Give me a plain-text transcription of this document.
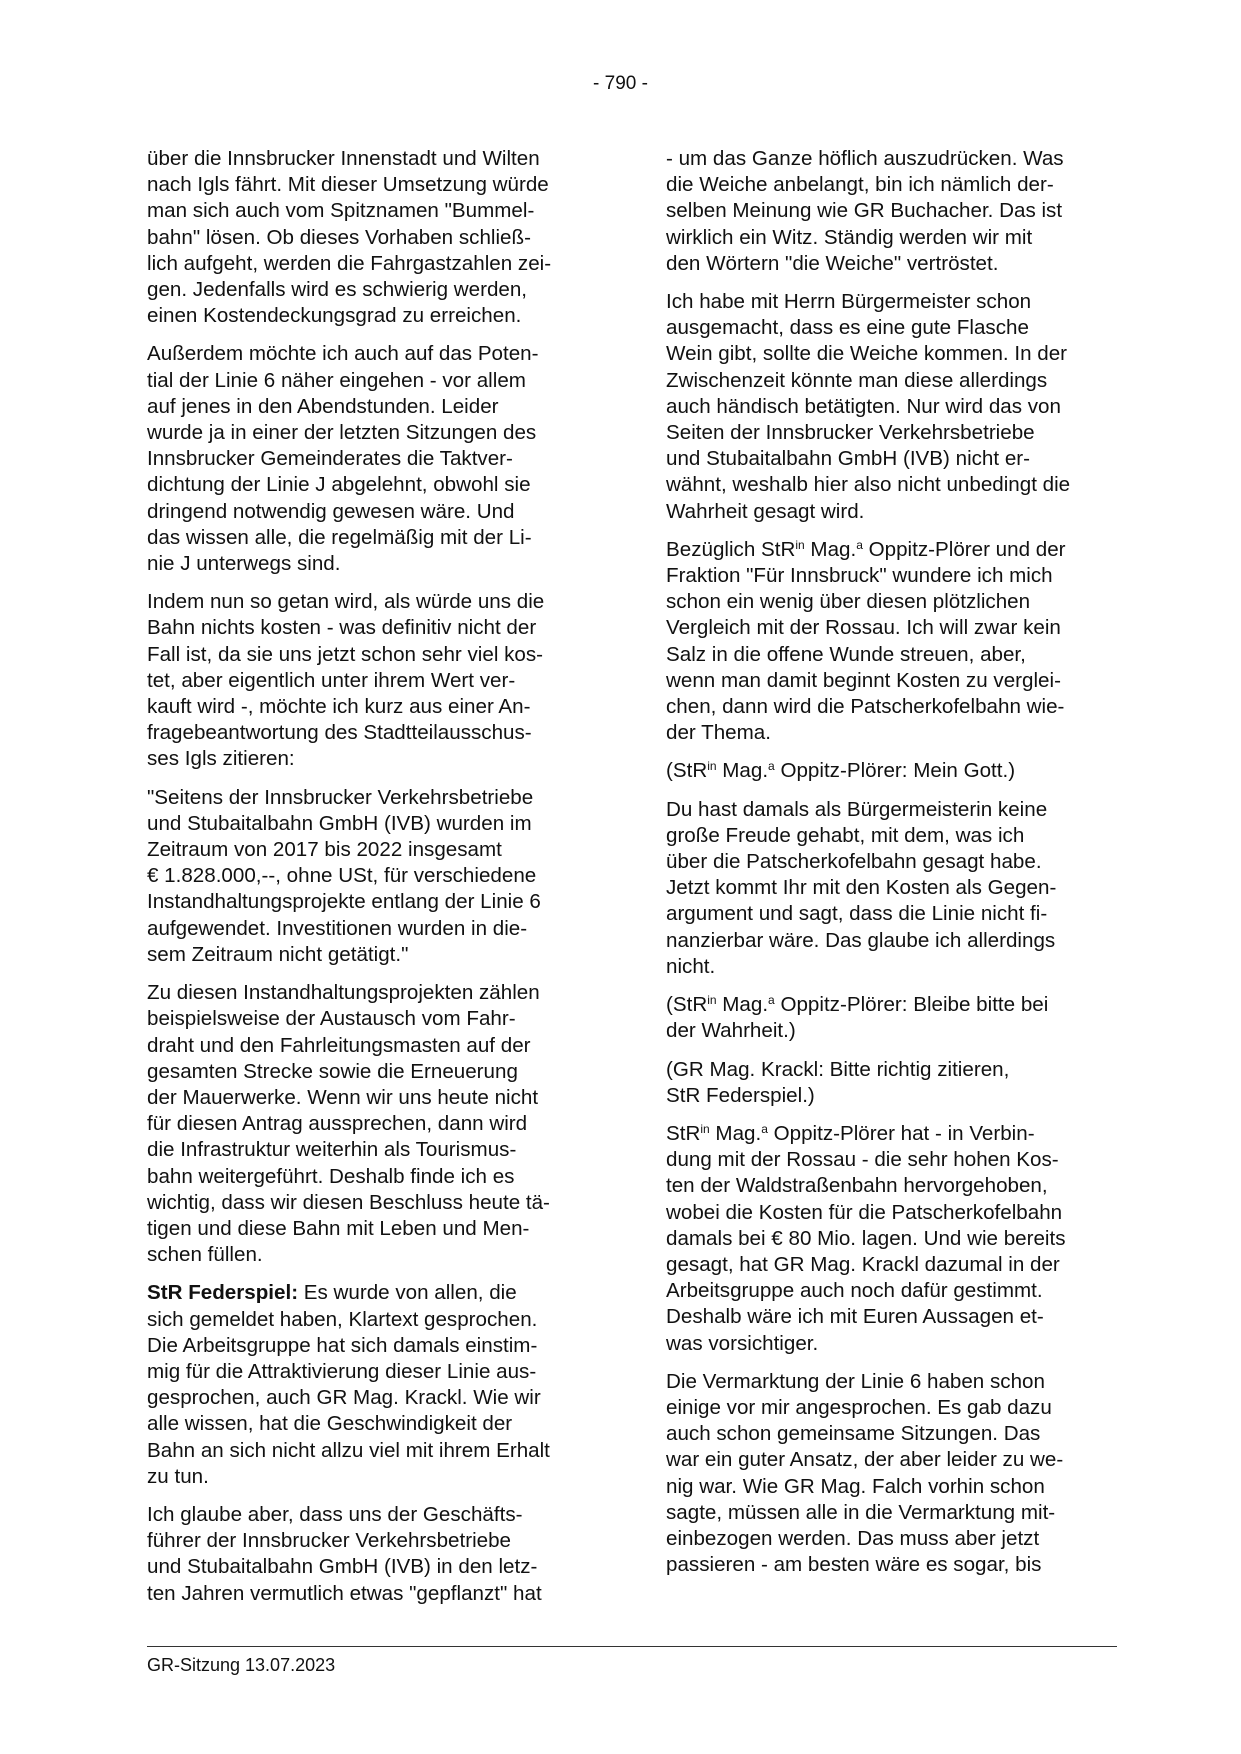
- 790 -

über die Innsbrucker Innenstadt und Wilten
nach Igls fährt. Mit dieser Umsetzung würde
man sich auch vom Spitznamen "Bummel-
bahn" lösen. Ob dieses Vorhaben schließ-
lich aufgeht, werden die Fahrgastzahlen zei-
gen. Jedenfalls wird es schwierig werden,
einen Kostendeckungsgrad zu erreichen.

Außerdem möchte ich auch auf das Poten-
tial der Linie 6 näher eingehen - vor allem
auf jenes in den Abendstunden. Leider
wurde ja in einer der letzten Sitzungen des
Innsbrucker Gemeinderates die Taktver-
dichtung der Linie J abgelehnt, obwohl sie
dringend notwendig gewesen wäre. Und
das wissen alle, die regelmäßig mit der Li-
nie J unterwegs sind.

Indem nun so getan wird, als würde uns die
Bahn nichts kosten - was definitiv nicht der
Fall ist, da sie uns jetzt schon sehr viel kos-
tet, aber eigentlich unter ihrem Wert ver-
kauft wird -, möchte ich kurz aus einer An-
fragebeantwortung des Stadtteilausschus-
ses Igls zitieren:

"Seitens der Innsbrucker Verkehrsbetriebe
und Stubaitalbahn GmbH (IVB) wurden im
Zeitraum von 2017 bis 2022 insgesamt
€ 1.828.000,--, ohne USt, für verschiedene
Instandhaltungsprojekte entlang der Linie 6
aufgewendet. Investitionen wurden in die-
sem Zeitraum nicht getätigt."

Zu diesen Instandhaltungsprojekten zählen
beispielsweise der Austausch vom Fahr-
draht und den Fahrleitungsmasten auf der
gesamten Strecke sowie die Erneuerung
der Mauerwerke. Wenn wir uns heute nicht
für diesen Antrag aussprechen, dann wird
die Infrastruktur weiterhin als Tourismus-
bahn weitergeführt. Deshalb finde ich es
wichtig, dass wir diesen Beschluss heute tä-
tigen und diese Bahn mit Leben und Men-
schen füllen.

StR Federspiel: Es wurde von allen, die
sich gemeldet haben, Klartext gesprochen.
Die Arbeitsgruppe hat sich damals einstim-
mig für die Attraktivierung dieser Linie aus-
gesprochen, auch GR Mag. Krackl. Wie wir
alle wissen, hat die Geschwindigkeit der
Bahn an sich nicht allzu viel mit ihrem Erhalt
zu tun.

Ich glaube aber, dass uns der Geschäfts-
führer der Innsbrucker Verkehrsbetriebe
und Stubaitalbahn GmbH (IVB) in den letz-
ten Jahren vermutlich etwas "gepflanzt" hat

- um das Ganze höflich auszudrücken. Was
die Weiche anbelangt, bin ich nämlich der-
selben Meinung wie GR Buchacher. Das ist
wirklich ein Witz. Ständig werden wir mit
den Wörtern "die Weiche" vertröstet.

Ich habe mit Herrn Bürgermeister schon
ausgemacht, dass es eine gute Flasche
Wein gibt, sollte die Weiche kommen. In der
Zwischenzeit könnte man diese allerdings
auch händisch betätigten. Nur wird das von
Seiten der Innsbrucker Verkehrsbetriebe
und Stubaitalbahn GmbH (IVB) nicht er-
wähnt, weshalb hier also nicht unbedingt die
Wahrheit gesagt wird.

Bezüglich StR$^{in}$ Mag.$^a$ Oppitz-Plörer und der
Fraktion "Für Innsbruck" wundere ich mich
schon ein wenig über diesen plötzlichen
Vergleich mit der Rossau. Ich will zwar kein
Salz in die offene Wunde streuen, aber,
wenn man damit beginnt Kosten zu verglei-
chen, dann wird die Patscherkofelbahn wie-
der Thema.

(StR$^{in}$ Mag.$^a$ Oppitz-Plörer: Mein Gott.)

Du hast damals als Bürgermeisterin keine
große Freude gehabt, mit dem, was ich
über die Patscherkofelbahn gesagt habe.
Jetzt kommt Ihr mit den Kosten als Gegen-
argument und sagt, dass die Linie nicht fi-
nanzierbar wäre. Das glaube ich allerdings
nicht.

(StR$^{in}$ Mag.$^a$ Oppitz-Plörer: Bleibe bitte bei
der Wahrheit.)

(GR Mag. Krackl: Bitte richtig zitieren,
StR Federspiel.)

StR$^{in}$ Mag.$^a$ Oppitz-Plörer hat - in Verbin-
dung mit der Rossau - die sehr hohen Kos-
ten der Waldstraßenbahn hervorgehoben,
wobei die Kosten für die Patscherkofelbahn
damals bei € 80 Mio. lagen. Und wie bereits
gesagt, hat GR Mag. Krackl dazumal in der
Arbeitsgruppe auch noch dafür gestimmt.
Deshalb wäre ich mit Euren Aussagen et-
was vorsichtiger.

Die Vermarktung der Linie 6 haben schon
einige vor mir angesprochen. Es gab dazu
auch schon gemeinsame Sitzungen. Das
war ein guter Ansatz, der aber leider zu we-
nig war. Wie GR Mag. Falch vorhin schon
sagte, müssen alle in die Vermarktung mit-
einbezogen werden. Das muss aber jetzt
passieren - am besten wäre es sogar, bis

GR-Sitzung 13.07.2023
